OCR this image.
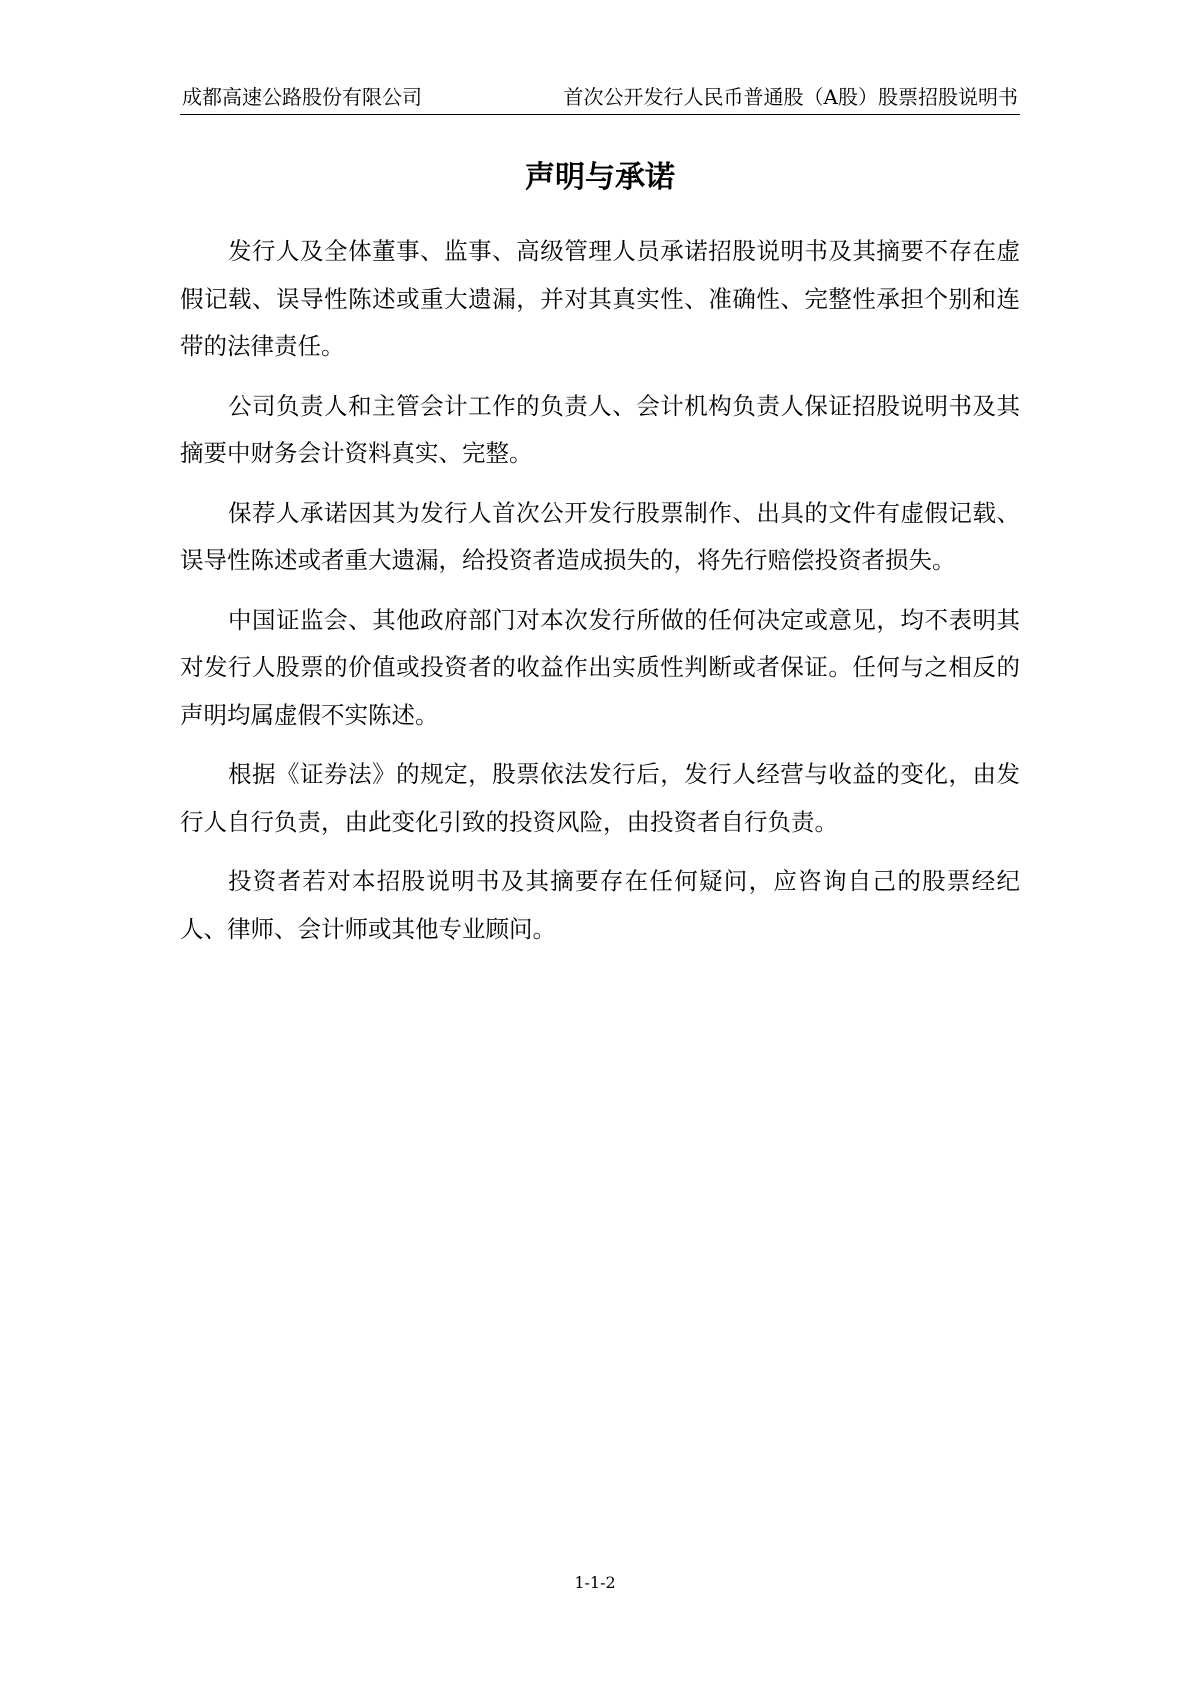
成都高速公路股份有限公司	首次公开发行人民币普通股（A股）股票招股说明书
声明与承诺

发行人及全体董事、监事、高级管理人员承诺招股说明书及其摘要不存在虚假记载、误导性陈述或重大遗漏，并对其真实性、准确性、完整性承担个别和连带的法律责任。

公司负责人和主管会计工作的负责人、会计机构负责人保证招股说明书及其摘要中财务会计资料真实、完整。

保荐人承诺因其为发行人首次公开发行股票制作、出具的文件有虚假记载、误导性陈述或者重大遗漏，给投资者造成损失的，将先行赔偿投资者损失。

中国证监会、其他政府部门对本次发行所做的任何决定或意见，均不表明其对发行人股票的价值或投资者的收益作出实质性判断或者保证。任何与之相反的声明均属虚假不实陈述。

根据《证券法》的规定，股票依法发行后，发行人经营与收益的变化，由发行人自行负责，由此变化引致的投资风险，由投资者自行负责。

投资者若对本招股说明书及其摘要存在任何疑问，应咨询自己的股票经纪人、律师、会计师或其他专业顾问。

1-1-2
